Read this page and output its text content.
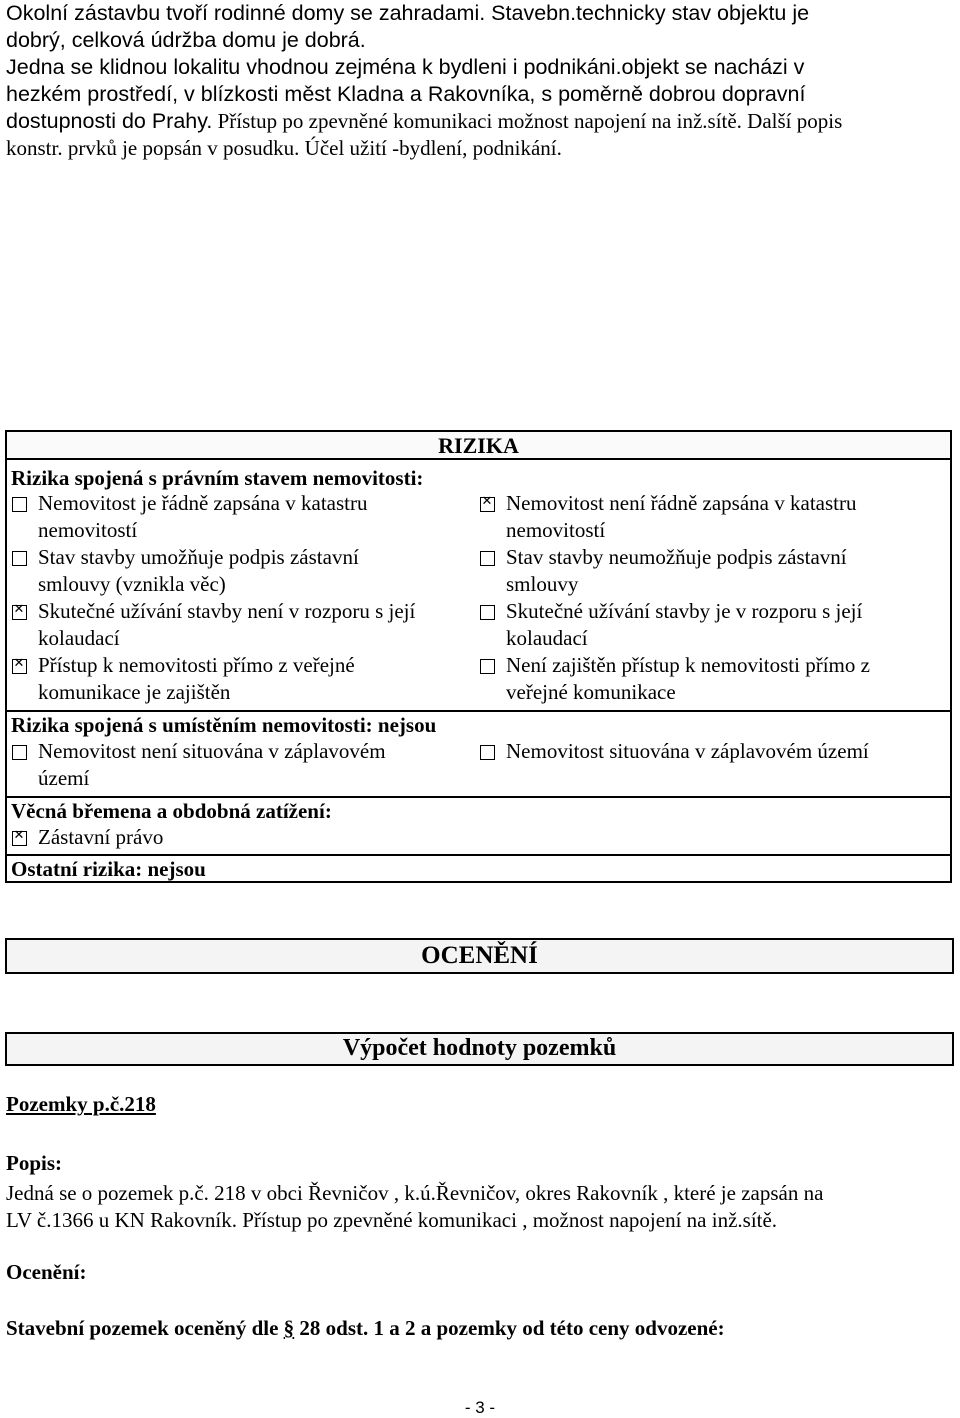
Okolní zástavbu tvoří rodinné domy se zahradami. Stavebn.technicky stav objektu je
dobrý, celková údržba domu je dobrá.
Jedna se klidnou lokalitu vhodnou zejména k bydleni i podnikáni.objekt se nacházi v
hezkém prostředí, v blízkosti měst Kladna a Rakovníka, s poměrně dobrou dopravní
dostupnosti do Prahy. Přístup po zpevněné komunikaci možnost napojení na inž.sítě. Další popis
konstr. prvků je popsán v posudku. Účel užití -bydlení, podnikání.
RIZIKA
Rizika spojená s právním stavem nemovitosti:
Nemovitost je řádně zapsána v katastru
nemovitostí
✕
Nemovitost není řádně zapsána v katastru
nemovitostí
Stav stavby umožňuje podpis zástavní
smlouvy (vznikla věc)
Stav stavby neumožňuje podpis zástavní
smlouvy
✕
Skutečné užívání stavby není v rozporu s její
kolaudací
Skutečné užívání stavby je v rozporu s její
kolaudací
✕
Přístup k nemovitosti přímo z veřejné
komunikace je zajištěn
Není zajištěn přístup k nemovitosti přímo z
veřejné komunikace
Rizika spojená s umístěním nemovitosti: nejsou
Nemovitost není situována v záplavovém
území
Nemovitost situována v záplavovém území
Věcná břemena a obdobná zatížení:
✕
Zástavní právo
Ostatní rizika: nejsou
OCENĚNÍ
Výpočet hodnoty pozemků
Pozemky p.č.218
Popis:
Jedná se o pozemek p.č. 218 v obci Řevničov , k.ú.Řevničov, okres Rakovník , které je zapsán na
LV č.1366 u KN Rakovník. Přístup po zpevněné komunikaci , možnost napojení na inž.sítě.
Ocenění:
Stavební pozemek oceněný dle § 28 odst. 1 a 2 a pozemky od této ceny odvozené:
- 3 -
